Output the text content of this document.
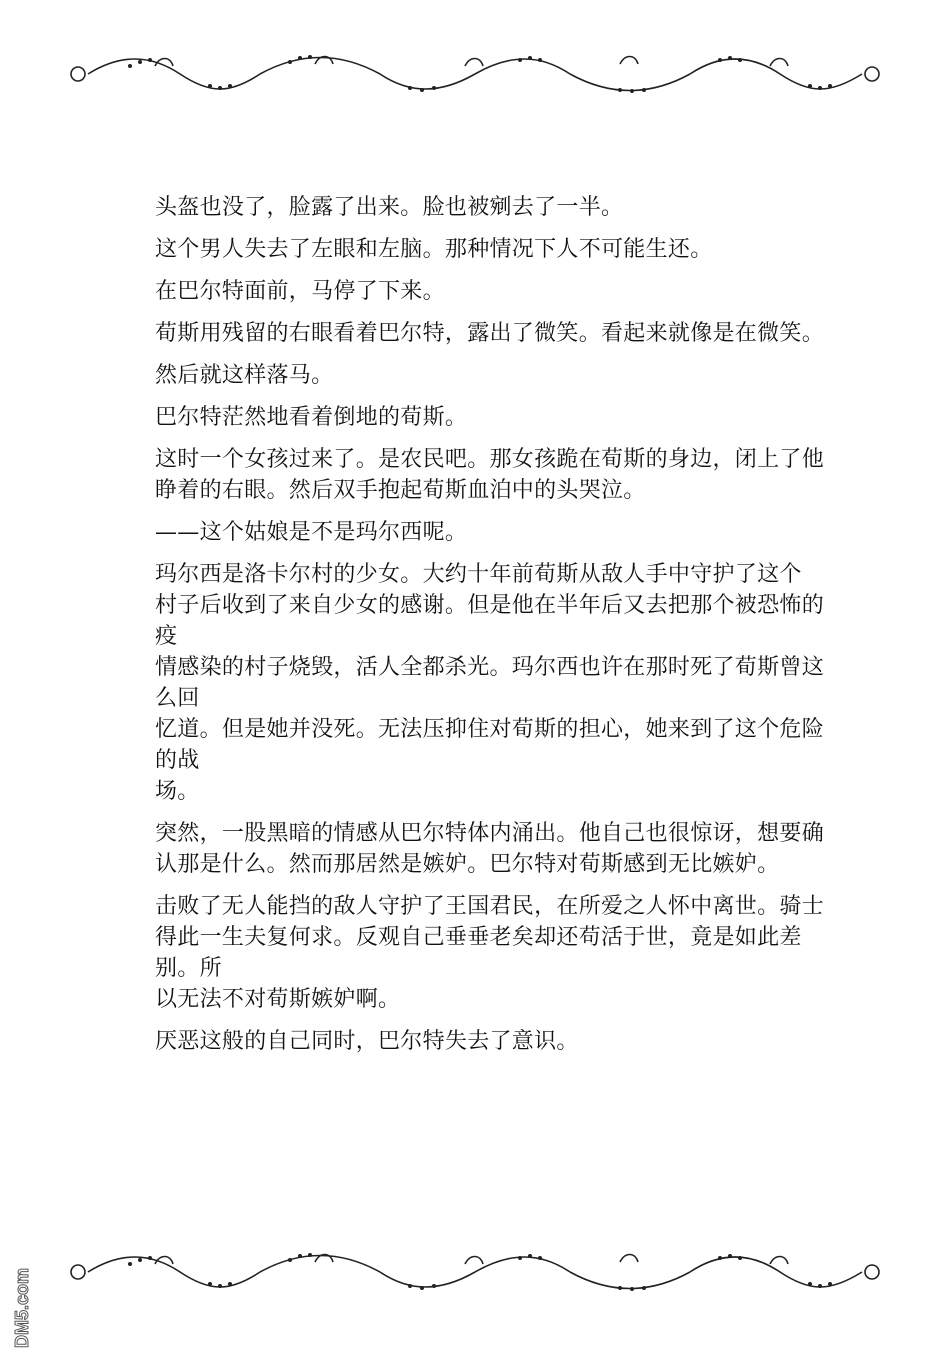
头盔也没了，脸露了出来。脸也被剜去了一半。

这个男人失去了左眼和左脑。那种情况下人不可能生还。

在巴尔特面前，马停了下来。

荀斯用残留的右眼看着巴尔特，露出了微笑。看起来就像是在微笑。

然后就这样落马。

巴尔特茫然地看着倒地的荀斯。

这时一个女孩过来了。是农民吧。那女孩跪在荀斯的身边，闭上了他
睁着的右眼。然后双手抱起荀斯血泊中的头哭泣。

——这个姑娘是不是玛尔西呢。

玛尔西是洛卡尔村的少女。大约十年前荀斯从敌人手中守护了这个
村子后收到了来自少女的感谢。但是他在半年后又去把那个被恐怖的疫
情感染的村子烧毁，活人全都杀光。玛尔西也许在那时死了荀斯曾这么回
忆道。但是她并没死。无法压抑住对荀斯的担心，她来到了这个危险的战
场。

突然，一股黑暗的情感从巴尔特体内涌出。他自己也很惊讶，想要确
认那是什么。然而那居然是嫉妒。巴尔特对荀斯感到无比嫉妒。

击败了无人能挡的敌人守护了王国君民，在所爱之人怀中离世。骑士
得此一生夫复何求。反观自己垂垂老矣却还苟活于世，竟是如此差别。所
以无法不对荀斯嫉妒啊。

厌恶这般的自己同时，巴尔特失去了意识。

DM5.com
